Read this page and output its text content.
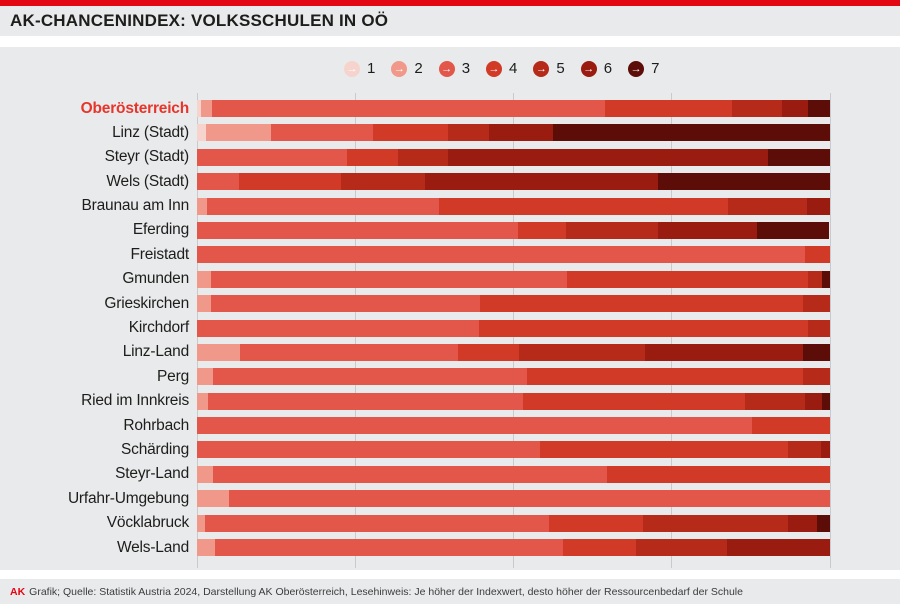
AK-CHANCENINDEX: VOLKSSCHULEN IN OÖ
→ 1 → 2 → 3 → 4 → 5 → 6 → 7
Oberösterreich
Linz (Stadt)
Steyr (Stadt)
Wels (Stadt)
Braunau am Inn
Eferding
Freistadt
Gmunden
Grieskirchen
Kirchdorf
Linz-Land
Perg
Ried im Innkreis
Rohrbach
Schärding
Steyr-Land
Urfahr-Umgebung
Vöcklabruck
Wels-Land
AK Grafik; Quelle: Statistik Austria 2024, Darstellung AK Oberösterreich, Lesehinweis: Je höher der Indexwert, desto höher der Ressourcenbedarf der Schule
